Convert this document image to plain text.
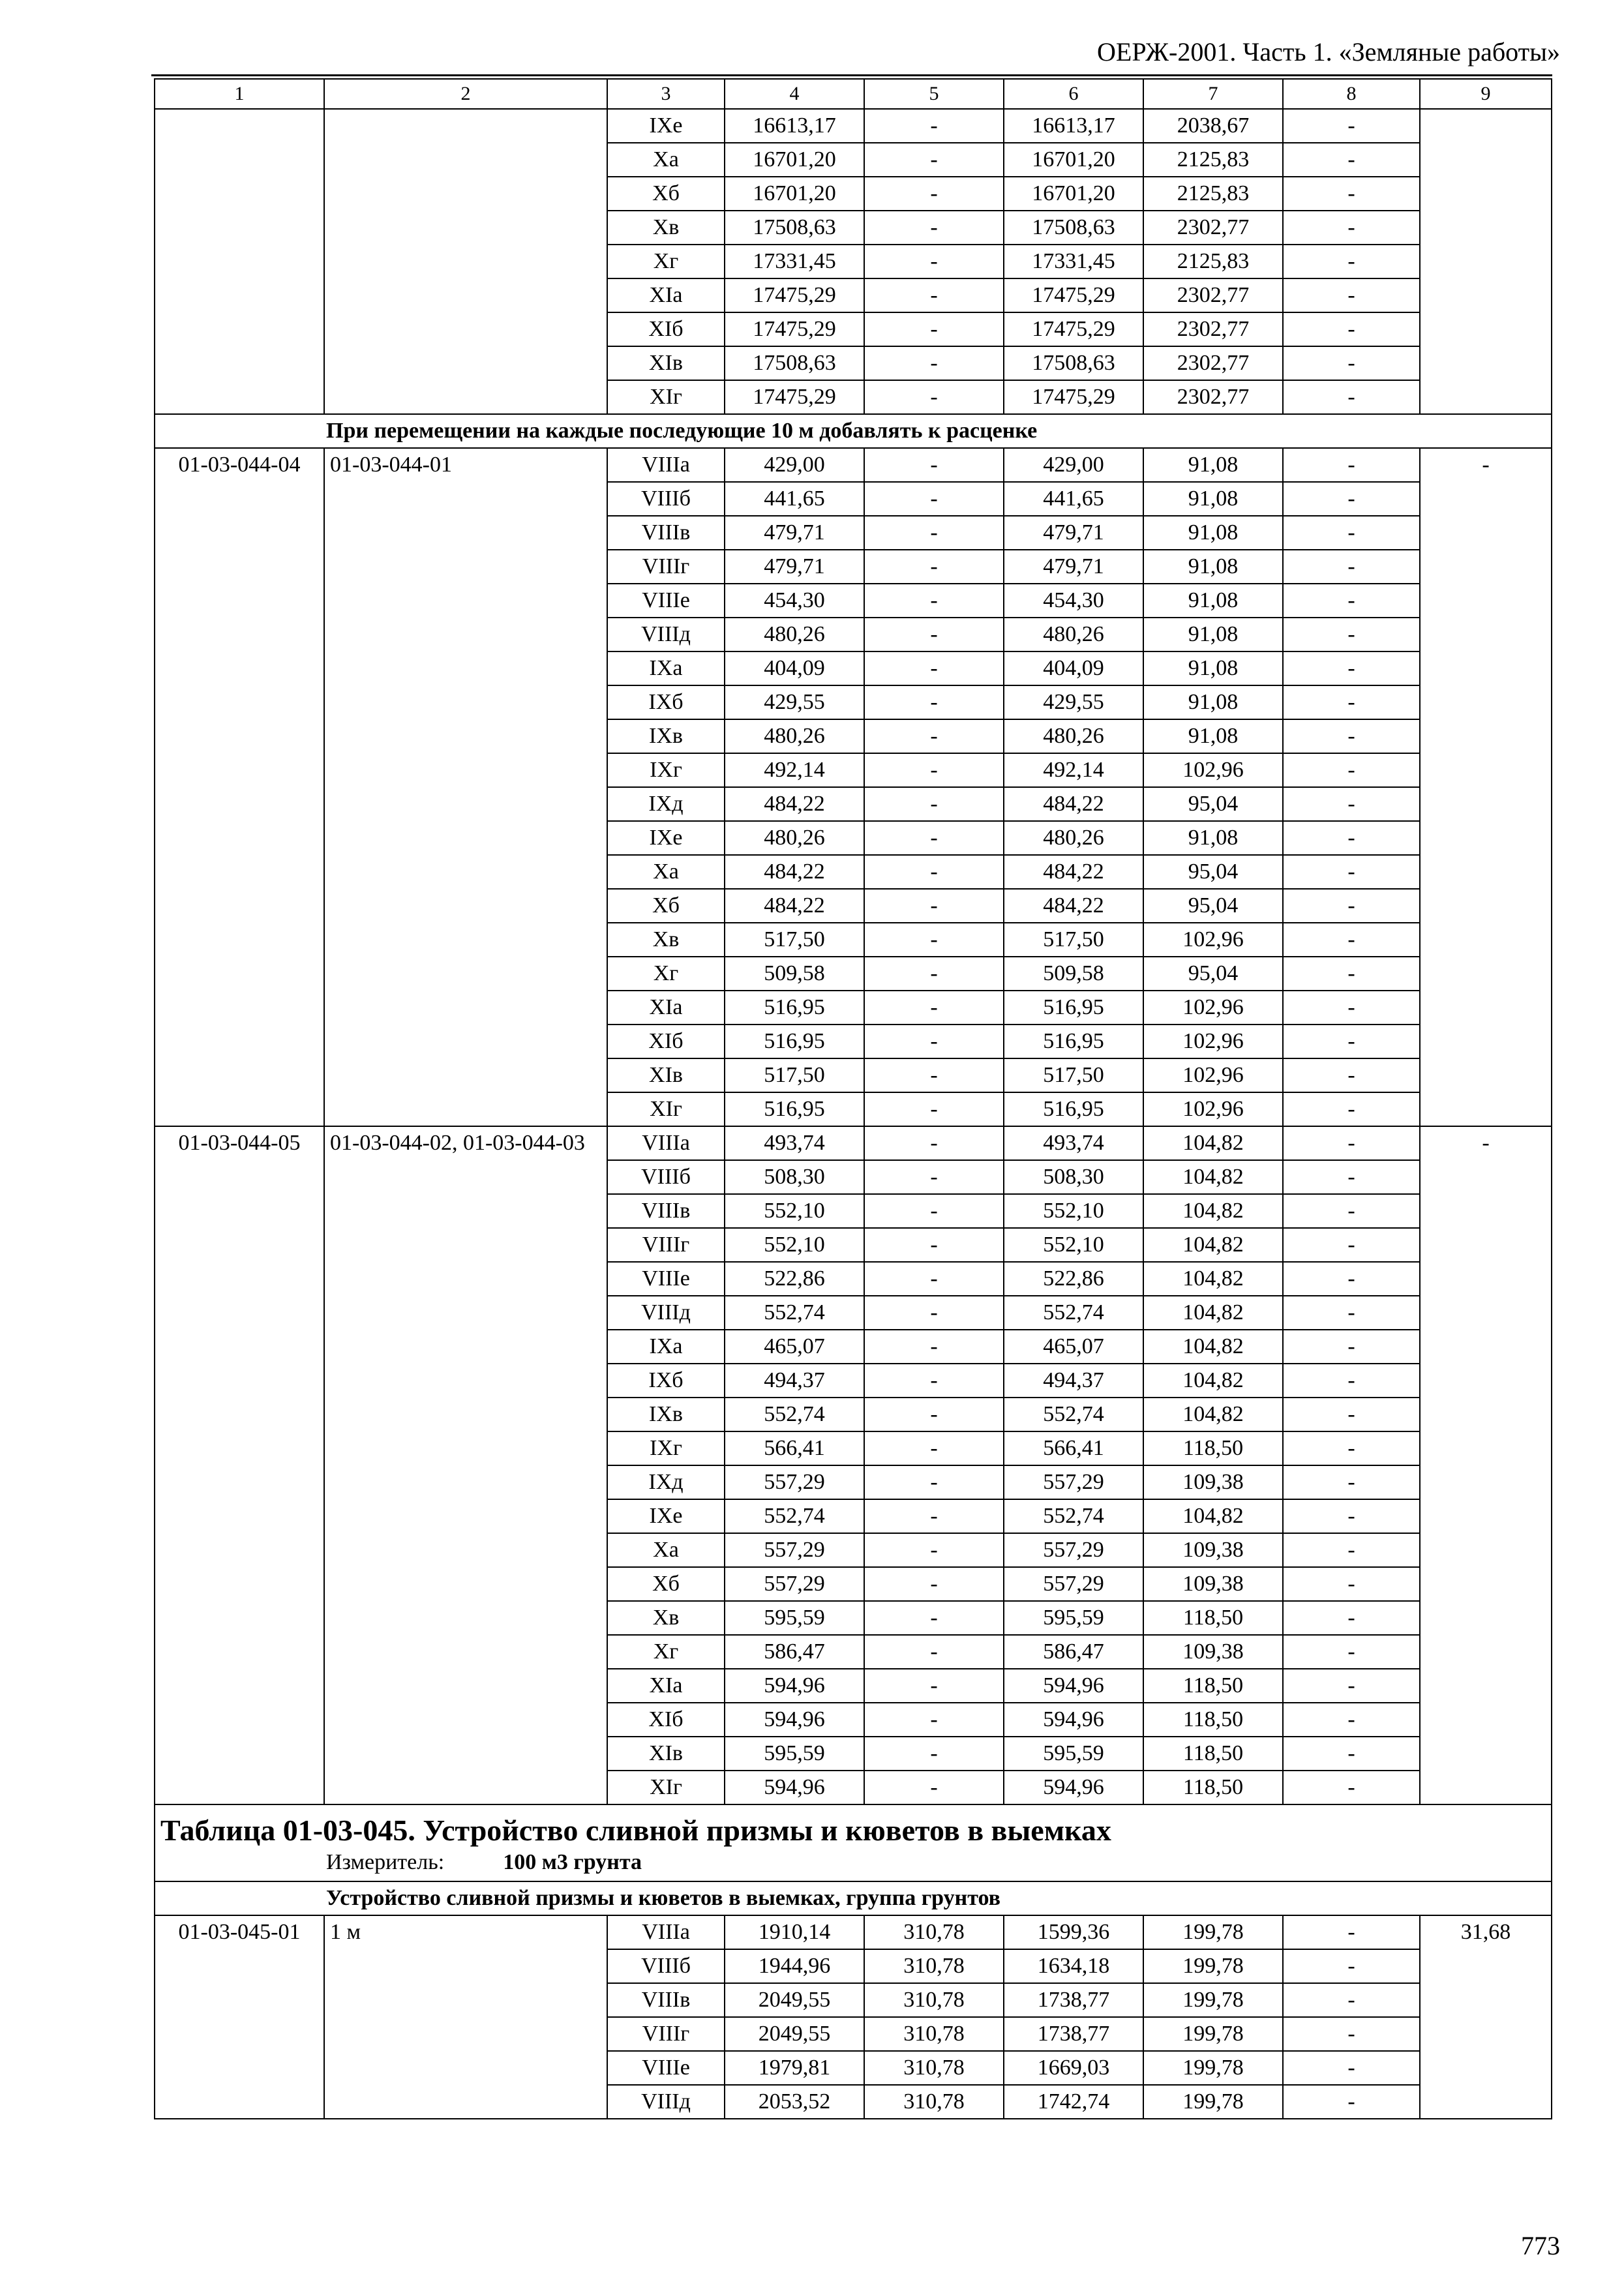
ОЕРЖ-2001. Часть 1. «Земляные работы»
1	2	3	4	5	6	7	8	9
		IXе	16613,17	-	16613,17	2038,67	-	
		Xа	16701,20	-	16701,20	2125,83	-	
		Xб	16701,20	-	16701,20	2125,83	-	
		Xв	17508,63	-	17508,63	2302,77	-	
		Xг	17331,45	-	17331,45	2125,83	-	
		XIа	17475,29	-	17475,29	2302,77	-	
		XIб	17475,29	-	17475,29	2302,77	-	
		XIв	17508,63	-	17508,63	2302,77	-	
		XIг	17475,29	-	17475,29	2302,77	-	
При перемещении на каждые последующие 10 м добавлять к расценке								
01-03-044-04	01-03-044-01	VIIIа	429,00	-	429,00	91,08	-	-
		VIIIб	441,65	-	441,65	91,08	-	
		VIIIв	479,71	-	479,71	91,08	-	
		VIIIг	479,71	-	479,71	91,08	-	
		VIIIе	454,30	-	454,30	91,08	-	
		VIIIд	480,26	-	480,26	91,08	-	
		IXа	404,09	-	404,09	91,08	-	
		IXб	429,55	-	429,55	91,08	-	
		IXв	480,26	-	480,26	91,08	-	
		IXг	492,14	-	492,14	102,96	-	
		IXд	484,22	-	484,22	95,04	-	
		IXе	480,26	-	480,26	91,08	-	
		Xа	484,22	-	484,22	95,04	-	
		Xб	484,22	-	484,22	95,04	-	
		Xв	517,50	-	517,50	102,96	-	
		Xг	509,58	-	509,58	95,04	-	
		XIа	516,95	-	516,95	102,96	-	
		XIб	516,95	-	516,95	102,96	-	
		XIв	517,50	-	517,50	102,96	-	
		XIг	516,95	-	516,95	102,96	-	
01-03-044-05	01-03-044-02, 01-03-044-03	VIIIа	493,74	-	493,74	104,82	-	-
		VIIIб	508,30	-	508,30	104,82	-	
		VIIIв	552,10	-	552,10	104,82	-	
		VIIIг	552,10	-	552,10	104,82	-	
		VIIIе	522,86	-	522,86	104,82	-	
		VIIIд	552,74	-	552,74	104,82	-	
		IXа	465,07	-	465,07	104,82	-	
		IXб	494,37	-	494,37	104,82	-	
		IXв	552,74	-	552,74	104,82	-	
		IXг	566,41	-	566,41	118,50	-	
		IXд	557,29	-	557,29	109,38	-	
		IXе	552,74	-	552,74	104,82	-	
		Xа	557,29	-	557,29	109,38	-	
		Xб	557,29	-	557,29	109,38	-	
		Xв	595,59	-	595,59	118,50	-	
		Xг	586,47	-	586,47	109,38	-	
		XIа	594,96	-	594,96	118,50	-	
		XIб	594,96	-	594,96	118,50	-	
		XIв	595,59	-	595,59	118,50	-	
		XIг	594,96	-	594,96	118,50	-	

Таблица 01-03-045. Устройство сливной призмы и кюветов в выемках
Измеритель: 100 м3 грунта								

Устройство сливной призмы и кюветов в выемках, группа грунтов								
01-03-045-01	1 м	VIIIа	1910,14	310,78	1599,36	199,78	-	31,68
		VIIIб	1944,96	310,78	1634,18	199,78	-	
		VIIIв	2049,55	310,78	1738,77	199,78	-	
		VIIIг	2049,55	310,78	1738,77	199,78	-	
		VIIIе	1979,81	310,78	1669,03	199,78	-	
		VIIIд	2053,52	310,78	1742,74	199,78	-	
773
